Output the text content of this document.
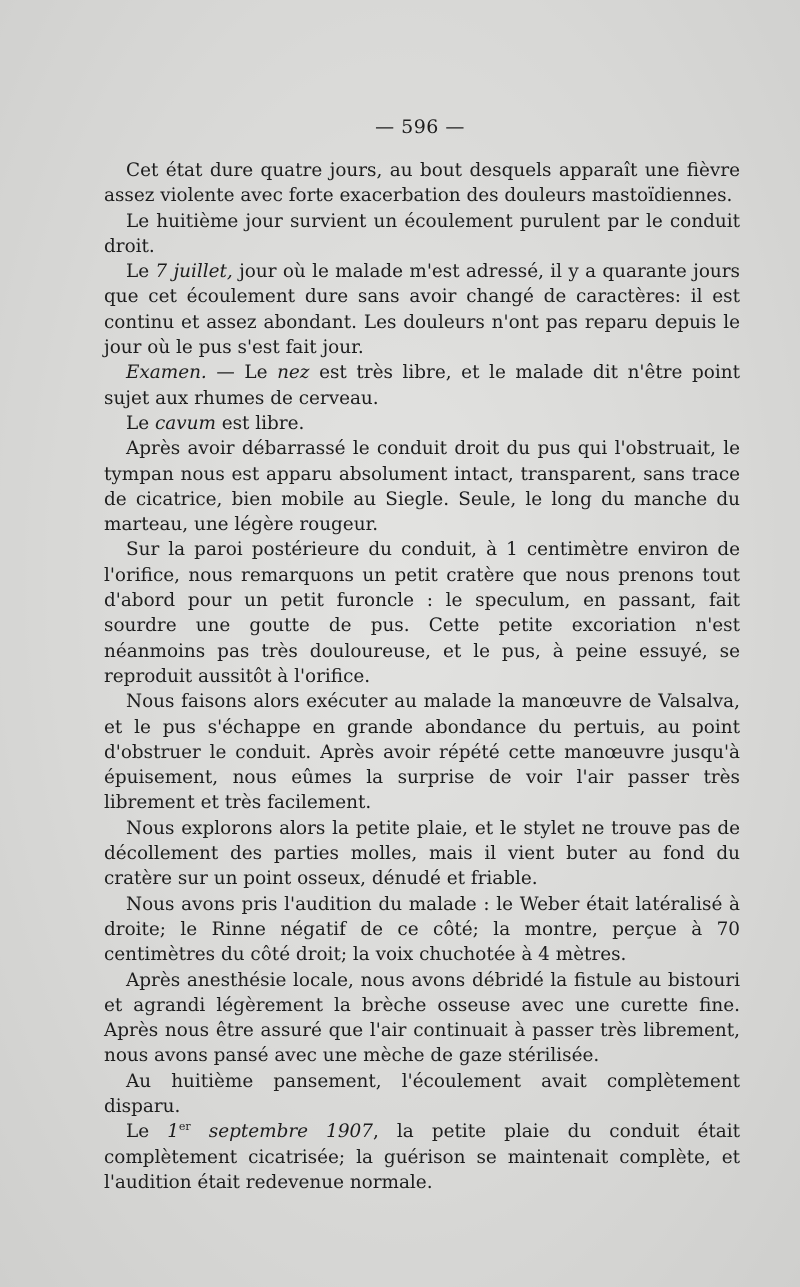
— 596 —

Cet état dure quatre jours, au bout desquels apparaît une fièvre assez violente avec forte exacerbation des douleurs mastoïdiennes.

Le huitième jour survient un écoulement purulent par le conduit droit.

Le 7 juillet, jour où le malade m'est adressé, il y a quarante jours que cet écoulement dure sans avoir changé de caractères: il est continu et assez abondant. Les douleurs n'ont pas reparu depuis le jour où le pus s'est fait jour.

Examen. — Le nez est très libre, et le malade dit n'être point sujet aux rhumes de cerveau.

Le cavum est libre.

Après avoir débarrassé le conduit droit du pus qui l'obstruait, le tympan nous est apparu absolument intact, transparent, sans trace de cicatrice, bien mobile au Siegle. Seule, le long du manche du marteau, une légère rougeur.

Sur la paroi postérieure du conduit, à 1 centimètre environ de l'orifice, nous remarquons un petit cratère que nous prenons tout d'abord pour un petit furoncle : le speculum, en passant, fait sourdre une goutte de pus. Cette petite excoriation n'est néanmoins pas très douloureuse, et le pus, à peine essuyé, se reproduit aussitôt à l'orifice.

Nous faisons alors exécuter au malade la manœuvre de Valsalva, et le pus s'échappe en grande abondance du pertuis, au point d'obstruer le conduit. Après avoir répété cette manœuvre jusqu'à épuisement, nous eûmes la surprise de voir l'air passer très librement et très facilement.

Nous explorons alors la petite plaie, et le stylet ne trouve pas de décollement des parties molles, mais il vient buter au fond du cratère sur un point osseux, dénudé et friable.

Nous avons pris l'audition du malade : le Weber était latéralisé à droite; le Rinne négatif de ce côté; la montre, perçue à 70 centimètres du côté droit; la voix chuchotée à 4 mètres.

Après anesthésie locale, nous avons débridé la fistule au bistouri et agrandi légèrement la brèche osseuse avec une curette fine. Après nous être assuré que l'air continuait à passer très librement, nous avons pansé avec une mèche de gaze stérilisée.

Au huitième pansement, l'écoulement avait complètement disparu.

Le 1er septembre 1907, la petite plaie du conduit était complètement cicatrisée; la guérison se maintenait complète, et l'audition était redevenue normale.
